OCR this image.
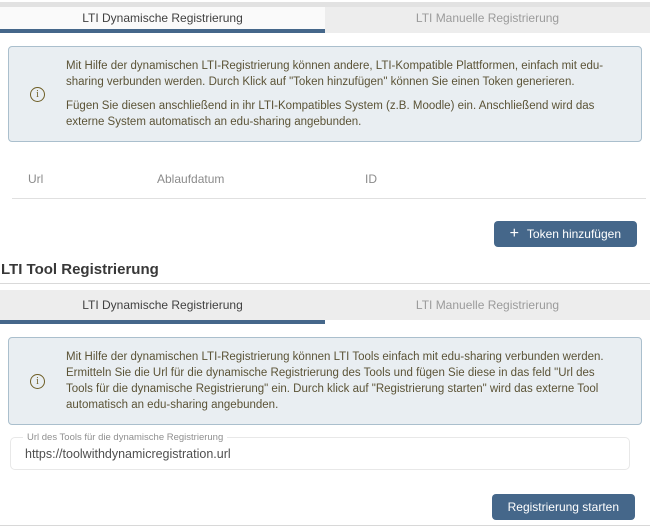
LTI Dynamische Registrierung	LTI Manuelle Registrierung
i

Mit Hilfe der dynamischen LTI-Registrierung können andere, LTI-Kompatible Plattformen, einfach mit edu-sharing verbunden werden. Durch Klick auf "Token hinzufügen" können Sie einen Token generieren.

Fügen Sie diesen anschließend in ihr LTI-Kompatibles System (z.B. Moodle) ein. Anschließend wird das externe System automatisch an edu-sharing angebunden.

Url	Ablaufdatum	ID
+ Token hinzufügen
LTI Tool Registrierung
LTI Dynamische Registrierung	LTI Manuelle Registrierung
i

Mit Hilfe der dynamischen LTI-Registrierung können LTI Tools einfach mit edu-sharing verbunden werden.

Ermitteln Sie die Url für die dynamische Registrierung des Tools und fügen Sie diese in das feld "Url des Tools für die dynamische Registrierung" ein. Durch klick auf "Registrierung starten" wird das externe Tool automatisch an edu-sharing angebunden.

Url des Tools für die dynamische Registrierung
https://toolwithdynamicregistration.url
Registrierung starten
